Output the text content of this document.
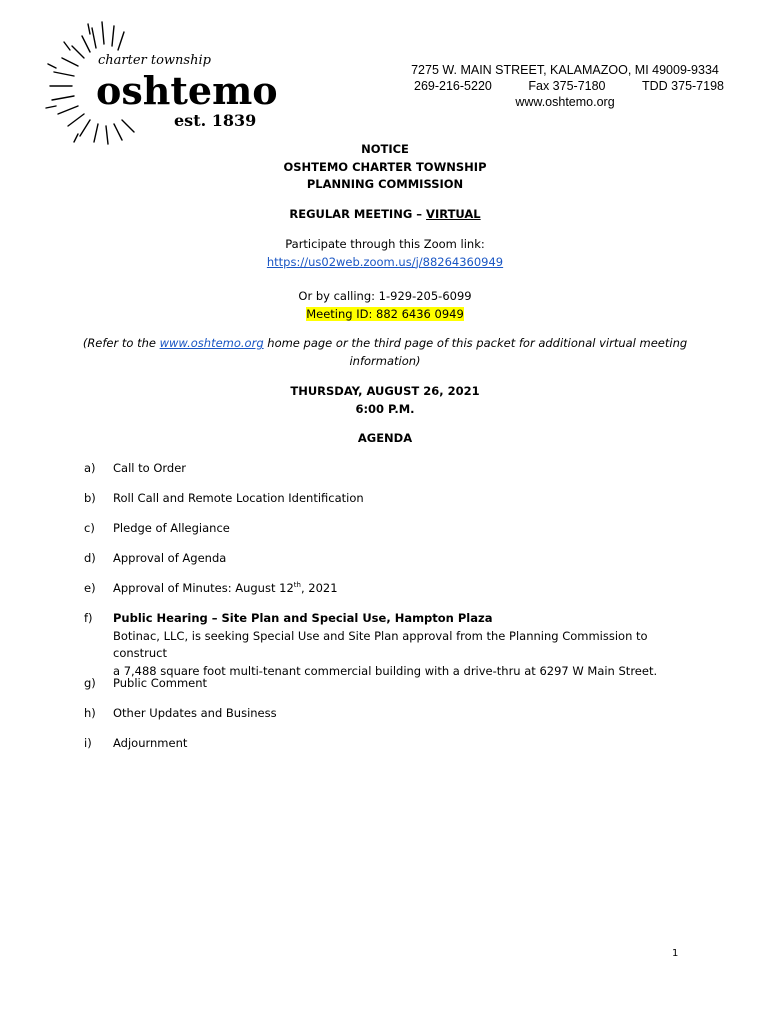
charter township
oshtemo
est. 1839
7275 W. MAIN STREET, KALAMAZOO, MI 49009-9334
269-216-5220	Fax 375-7180	TDD 375-7198
www.oshtemo.org
NOTICE
OSHTEMO CHARTER TOWNSHIP
PLANNING COMMISSION
REGULAR MEETING – VIRTUAL
Participate through this Zoom link:
https://us02web.zoom.us/j/88264360949
Or by calling: 1-929-205-6099
Meeting ID: 882 6436 0949
(Refer to the www.oshtemo.org home page or the third page of this packet for additional virtual meeting
information)
THURSDAY, AUGUST 26, 2021
6:00 P.M.
AGENDA
a)	Call to Order
b)	Roll Call and Remote Location Identification
c)	Pledge of Allegiance
d)	Approval of Agenda
e)	Approval of Minutes: August 12th, 2021
f)	Public Hearing – Site Plan and Special Use, Hampton Plaza
Botinac, LLC, is seeking Special Use and Site Plan approval from the Planning Commission to construct
a 7,488 square foot multi-tenant commercial building with a drive-thru at 6297 W Main Street.
g)	Public Comment
h)	Other Updates and Business
i)	Adjournment
1
